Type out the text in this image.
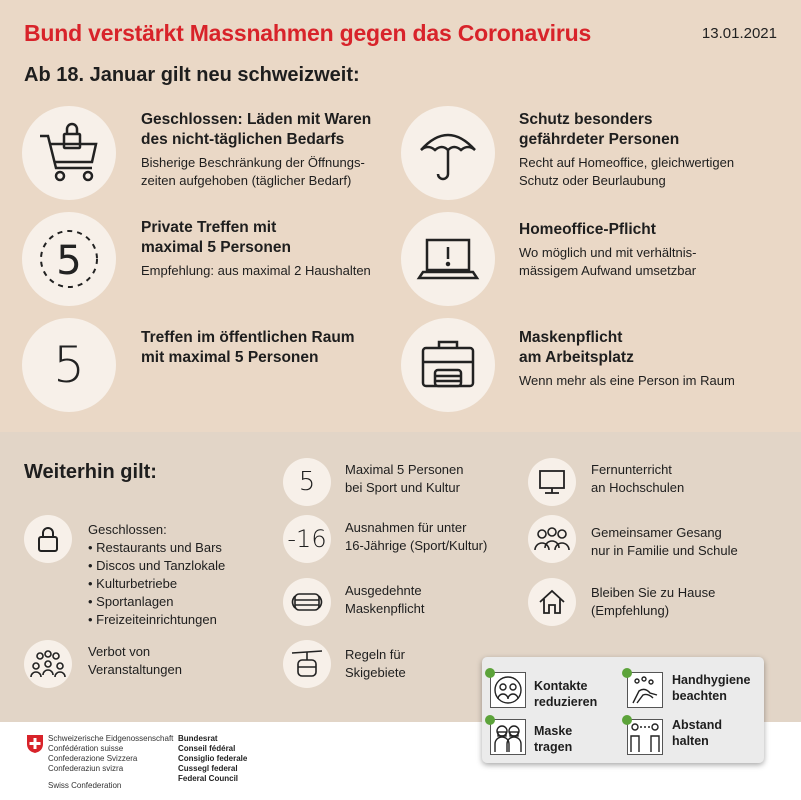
Bund verstärkt Massnahmen gegen das Coronavirus	13.01.2021
Ab 18. Januar gilt neu schweizweit:
Geschlossen: Läden mit Waren
des nicht-täglichen Bedarfs
Bisherige Beschränkung der Öffnungs-
zeiten aufgehoben (täglicher Bedarf)
5
Private Treffen mit
maximal 5 Personen
Empfehlung: aus maximal 2 Haushalten
5	Treffen im öffentlichen Raum
mit maximal 5 Personen
Schutz besonders
gefährdeter Personen
Recht auf Homeoffice, gleichwertigen
Schutz oder Beurlaubung
Homeoffice-Pflicht
Wo möglich und mit verhältnis-
mässigem Aufwand umsetzbar
Maskenpflicht
am Arbeitsplatz
Wenn mehr als eine Person im Raum
Weiterhin gilt:
Geschlossen:
• Restaurants und Bars
• Discos und Tanzlokale
• Kulturbetriebe
• Sportanlagen
• Freizeiteinrichtungen
Verbot von
Veranstaltungen
5 Maximal 5 Personen
bei Sport und Kultur
-16 Ausnahmen für unter
16-Jährige (Sport/Kultur)
Ausgedehnte
Maskenpflicht
Regeln für
Skigebiete
Fernunterricht
an Hochschulen
Gemeinsamer Gesang
nur in Familie und Schule
Bleiben Sie zu Hause
(Empfehlung)
Kontakte
reduzieren
Handhygiene
beachten
Maske
tragen
Abstand
halten
Schweizerische Eidgenossenschaft
Confédération suisse
Confederazione Svizzera
Confederaziun svizra
Bundesrat
Conseil fédéral
Consiglio federale
Cussegl federal
Federal Council
Swiss Confederation
